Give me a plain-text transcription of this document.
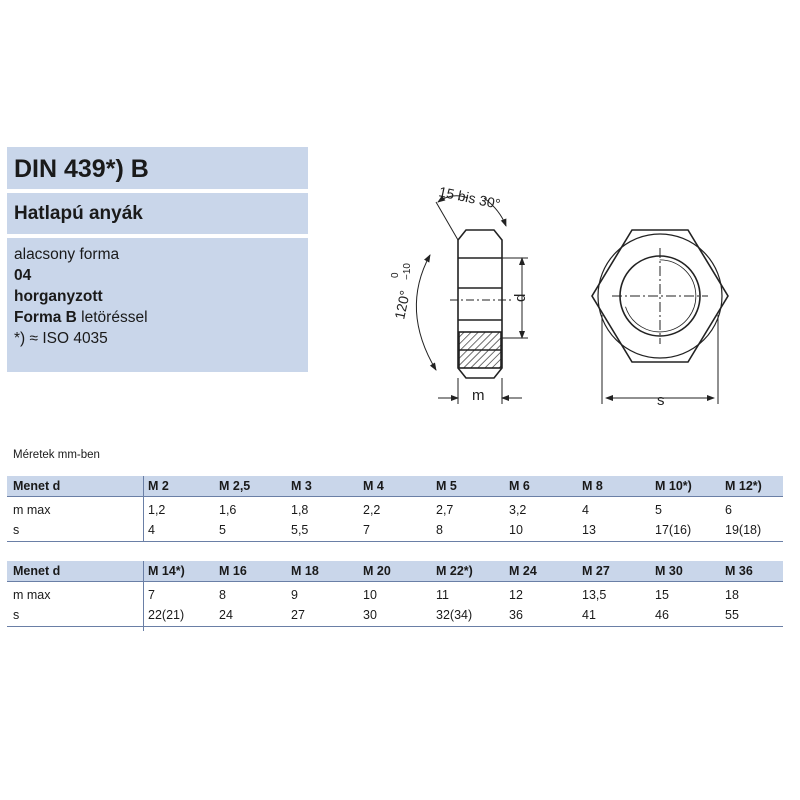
DIN 439*) B
Hatlapú anyák
alacsony forma
04
horganyzott
Forma B letöréssel
*) ≈ ISO 4035
d
m
15 bis 30°
120°
0 −10
s
Méretek mm-ben
Menet d	M 2	M 2,5	M 3	M 4	M 5	M 6	M 8	M 10*)	M 12*)
m max	1,2	1,6	1,8	2,2	2,7	3,2	4	5	6
s	4	5	5,5	7	8	10	13	17(16)	19(18)
Menet d	M 14*)	M 16	M 18	M 20	M 22*)	M 24	M 27	M 30	M 36
m max	7	8	9	10	11	12	13,5	15	18
s	22(21)	24	27	30	32(34)	36	41	46	55
